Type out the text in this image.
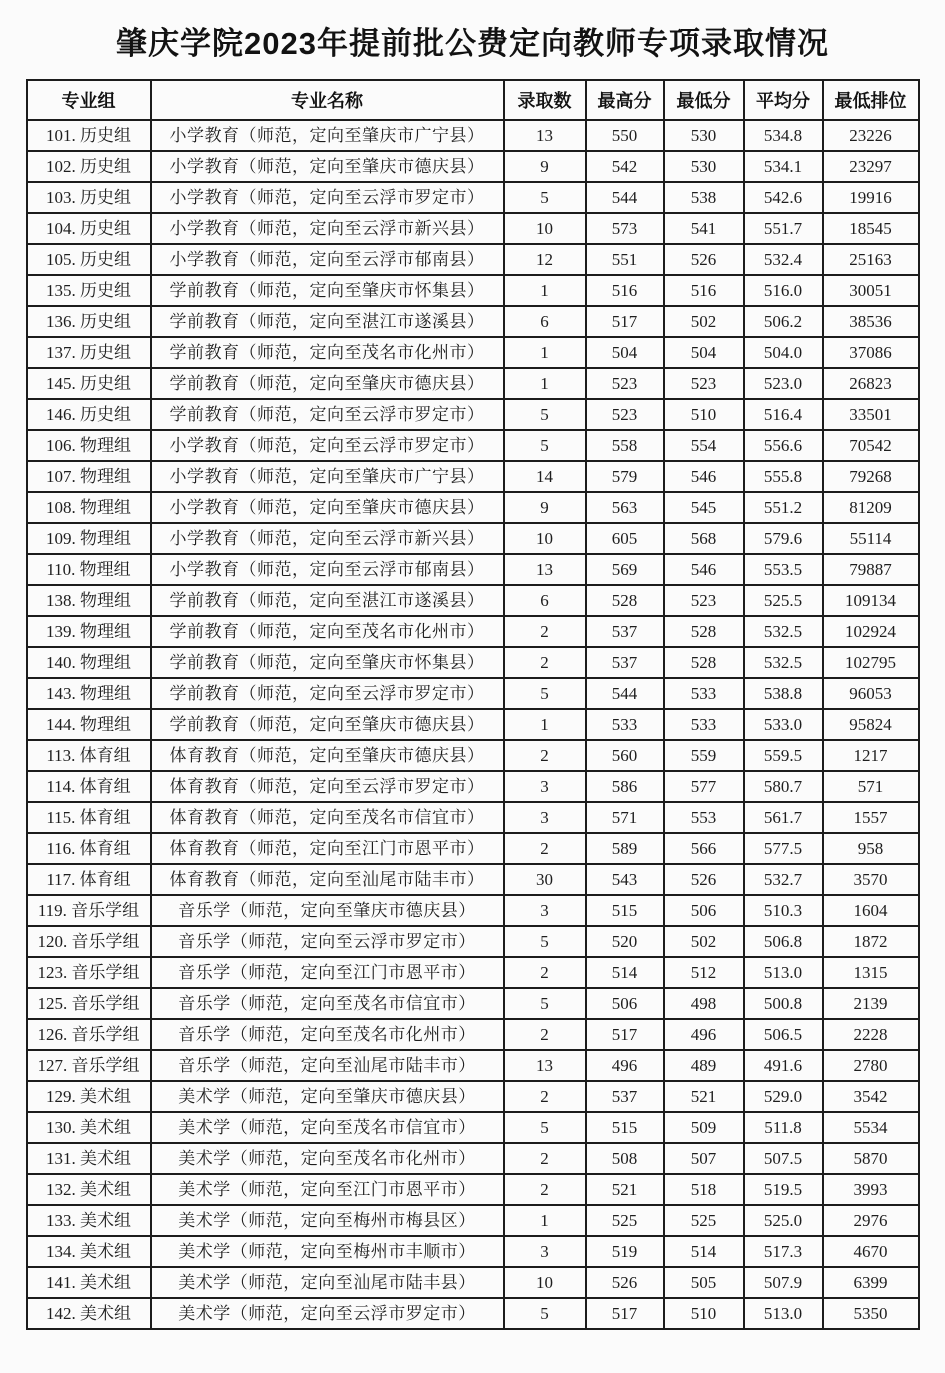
肇庆学院2023年提前批公费定向教师专项录取情况
专业组	专业名称	录取数	最高分	最低分	平均分	最低排位
101. 历史组	小学教育（师范，定向至肇庆市广宁县）	13	550	530	534.8	23226
102. 历史组	小学教育（师范，定向至肇庆市德庆县）	9	542	530	534.1	23297
103. 历史组	小学教育（师范，定向至云浮市罗定市）	5	544	538	542.6	19916
104. 历史组	小学教育（师范，定向至云浮市新兴县）	10	573	541	551.7	18545
105. 历史组	小学教育（师范，定向至云浮市郁南县）	12	551	526	532.4	25163
135. 历史组	学前教育（师范，定向至肇庆市怀集县）	1	516	516	516.0	30051
136. 历史组	学前教育（师范，定向至湛江市遂溪县）	6	517	502	506.2	38536
137. 历史组	学前教育（师范，定向至茂名市化州市）	1	504	504	504.0	37086
145. 历史组	学前教育（师范，定向至肇庆市德庆县）	1	523	523	523.0	26823
146. 历史组	学前教育（师范，定向至云浮市罗定市）	5	523	510	516.4	33501
106. 物理组	小学教育（师范，定向至云浮市罗定市）	5	558	554	556.6	70542
107. 物理组	小学教育（师范，定向至肇庆市广宁县）	14	579	546	555.8	79268
108. 物理组	小学教育（师范，定向至肇庆市德庆县）	9	563	545	551.2	81209
109. 物理组	小学教育（师范，定向至云浮市新兴县）	10	605	568	579.6	55114
110. 物理组	小学教育（师范，定向至云浮市郁南县）	13	569	546	553.5	79887
138. 物理组	学前教育（师范，定向至湛江市遂溪县）	6	528	523	525.5	109134
139. 物理组	学前教育（师范，定向至茂名市化州市）	2	537	528	532.5	102924
140. 物理组	学前教育（师范，定向至肇庆市怀集县）	2	537	528	532.5	102795
143. 物理组	学前教育（师范，定向至云浮市罗定市）	5	544	533	538.8	96053
144. 物理组	学前教育（师范，定向至肇庆市德庆县）	1	533	533	533.0	95824
113. 体育组	体育教育（师范，定向至肇庆市德庆县）	2	560	559	559.5	1217
114. 体育组	体育教育（师范，定向至云浮市罗定市）	3	586	577	580.7	571
115. 体育组	体育教育（师范，定向至茂名市信宜市）	3	571	553	561.7	1557
116. 体育组	体育教育（师范，定向至江门市恩平市）	2	589	566	577.5	958
117. 体育组	体育教育（师范，定向至汕尾市陆丰市）	30	543	526	532.7	3570
119. 音乐学组	音乐学（师范，定向至肇庆市德庆县）	3	515	506	510.3	1604
120. 音乐学组	音乐学（师范，定向至云浮市罗定市）	5	520	502	506.8	1872
123. 音乐学组	音乐学（师范，定向至江门市恩平市）	2	514	512	513.0	1315
125. 音乐学组	音乐学（师范，定向至茂名市信宜市）	5	506	498	500.8	2139
126. 音乐学组	音乐学（师范，定向至茂名市化州市）	2	517	496	506.5	2228
127. 音乐学组	音乐学（师范，定向至汕尾市陆丰市）	13	496	489	491.6	2780
129. 美术组	美术学（师范，定向至肇庆市德庆县）	2	537	521	529.0	3542
130. 美术组	美术学（师范，定向至茂名市信宜市）	5	515	509	511.8	5534
131. 美术组	美术学（师范，定向至茂名市化州市）	2	508	507	507.5	5870
132. 美术组	美术学（师范，定向至江门市恩平市）	2	521	518	519.5	3993
133. 美术组	美术学（师范，定向至梅州市梅县区）	1	525	525	525.0	2976
134. 美术组	美术学（师范，定向至梅州市丰顺市）	3	519	514	517.3	4670
141. 美术组	美术学（师范，定向至汕尾市陆丰县）	10	526	505	507.9	6399
142. 美术组	美术学（师范，定向至云浮市罗定市）	5	517	510	513.0	5350
